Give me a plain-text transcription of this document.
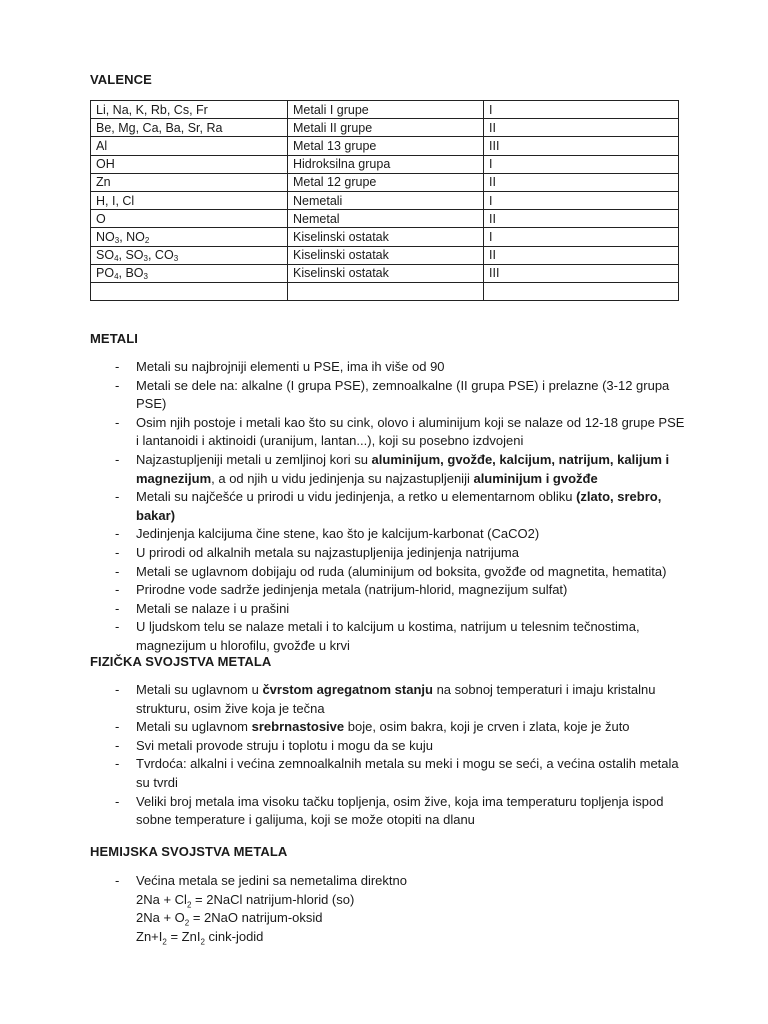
VALENCE
Li, Na, K, Rb, Cs, Fr	Metali I grupe	I
Be, Mg, Ca, Ba, Sr, Ra	Metali II grupe	II
Al	Metal 13 grupe	III
OH	Hidroksilna grupa	I
Zn	Metal 12 grupe	II
H, I, Cl	Nemetali	I
O	Nemetal	II
$NO_3$, $NO_2$	Kiselinski ostatak	I
$SO_4$, $SO_3$, $CO_3$	Kiselinski ostatak	II
$PO_4$, $BO_3$	Kiselinski ostatak	III

METALI
- Metali su najbrojniji elementi u PSE, ima ih više od 90
- Metali se dele na: alkalne (I grupa PSE), zemnoalkalne (II grupa PSE) i prelazne (3-12 grupa PSE)
- Osim njih postoje i metali kao što su cink, olovo i aluminijum koji se nalaze od 12-18 grupe PSE i lantanoidi i aktinoidi (uranijum, lantan...), koji su posebno izdvojeni
- Najzastupljeniji metali u zemljinoj kori su aluminijum, gvožđe, kalcijum, natrijum, kalijum i magnezijum, a od njih u vidu jedinjenja su najzastupljeniji aluminijum i gvožđe
- Metali su najčešće u prirodi u vidu jedinjenja, a retko u elementarnom obliku (zlato, srebro, bakar)
- Jedinjenja kalcijuma čine stene, kao što je kalcijum-karbonat (CaCO2)
- U prirodi od alkalnih metala su najzastupljenija jedinjenja natrijuma
- Metali se uglavnom dobijaju od ruda (aluminijum od boksita, gvožđe od magnetita, hematita)
- Prirodne vode sadrže jedinjenja metala (natrijum-hlorid, magnezijum sulfat)
- Metali se nalaze i u prašini
- U ljudskom telu se nalaze metali i to kalcijum u kostima, natrijum u telesnim tečnostima, magnezijum u hlorofilu, gvožđe u krvi
FIZIČKA SVOJSTVA METALA
- Metali su uglavnom u čvrstom agregatnom stanju na sobnoj temperaturi i imaju kristalnu strukturu, osim žive koja je tečna
- Metali su uglavnom srebrnastosive boje, osim bakra, koji je crven i zlata, koje je žuto
- Svi metali provode struju i toplotu i mogu da se kuju
- Tvrdoća: alkalni i većina zemnoalkalnih metala su meki i mogu se seći, a većina ostalih metala su tvrdi
- Veliki broj metala ima visoku tačku topljenja, osim žive, koja ima temperaturu topljenja ispod sobne temperature i galijuma, koji se može otopiti na dlanu
HEMIJSKA SVOJSTVA METALA
- Većina metala se jedini sa nemetalima direktno
$2Na + Cl_2$ = 2NaCl natrijum-hlorid (so)
$2Na + O_2 = 2NaO$ natrijum-oksid
$Zn+I_2 = ZnI_2$ cink-jodid
